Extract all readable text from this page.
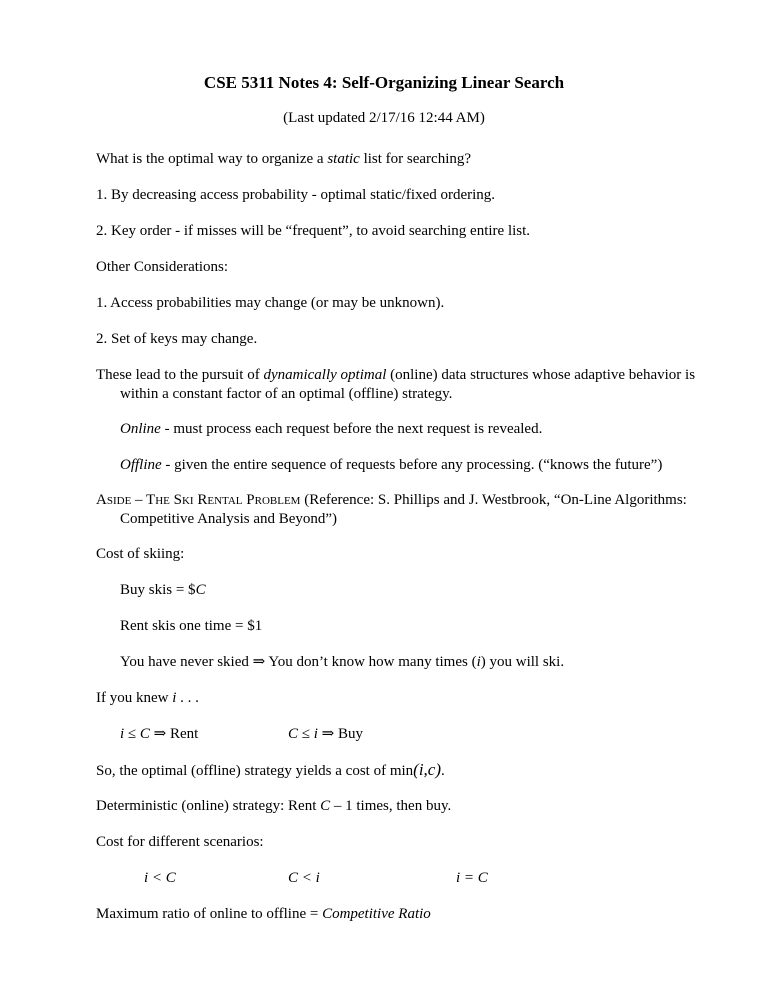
CSE 5311 Notes 4: Self-Organizing Linear Search
(Last updated 2/17/16 12:44 AM)
What is the optimal way to organize a static list for searching?
1. By decreasing access probability - optimal static/fixed ordering.
2. Key order - if misses will be “frequent”, to avoid searching entire list.
Other Considerations:
1. Access probabilities may change (or may be unknown).
2. Set of keys may change.
These lead to the pursuit of dynamically optimal (online) data structures whose adaptive behavior is
within a constant factor of an optimal (offline) strategy.
Online - must process each request before the next request is revealed.
Offline - given the entire sequence of requests before any processing. (“knows the future”)
ASIDE – THE SKI RENTAL PROBLEM (Reference: S. Phillips and J. Westbrook, “On-Line Algorithms:
Competitive Analysis and Beyond”)
Cost of skiing:
Buy skis = $C
Rent skis one time = $1
You have never skied ⇒ You don’t know how many times (i) you will ski.
If you knew i . . .
i ≤ C ⇒ Rent	C ≤ i ⇒ Buy
So, the optimal (offline) strategy yields a cost of min(i,c).
Deterministic (online) strategy: Rent C – 1 times, then buy.
Cost for different scenarios:
i < C	C < i	i = C
Maximum ratio of online to offline = Competitive Ratio
